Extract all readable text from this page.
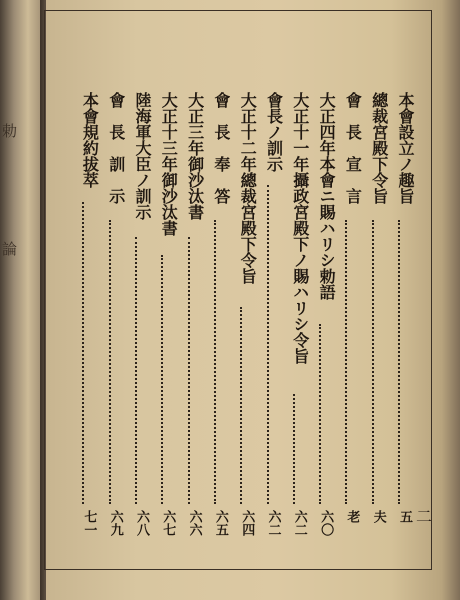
勅
論
二
本會設立ノ趣旨
五
總裁宮殿下令旨
夫
會　長　宣　言
老
大正四年本會ニ賜ハリシ勅語
六〇
大正十一年攝政宮殿下ノ賜ハリシ令旨
六二
會長ノ訓示
六二
大正十二年總裁宮殿下令旨
六四
會　長　奉　答
六五
大正三年御沙汰書
六六
大正十三年御沙汰書
六七
陸海軍大臣ノ訓示
六八
會　長　訓　示
六九
本會規約拔萃
七一
